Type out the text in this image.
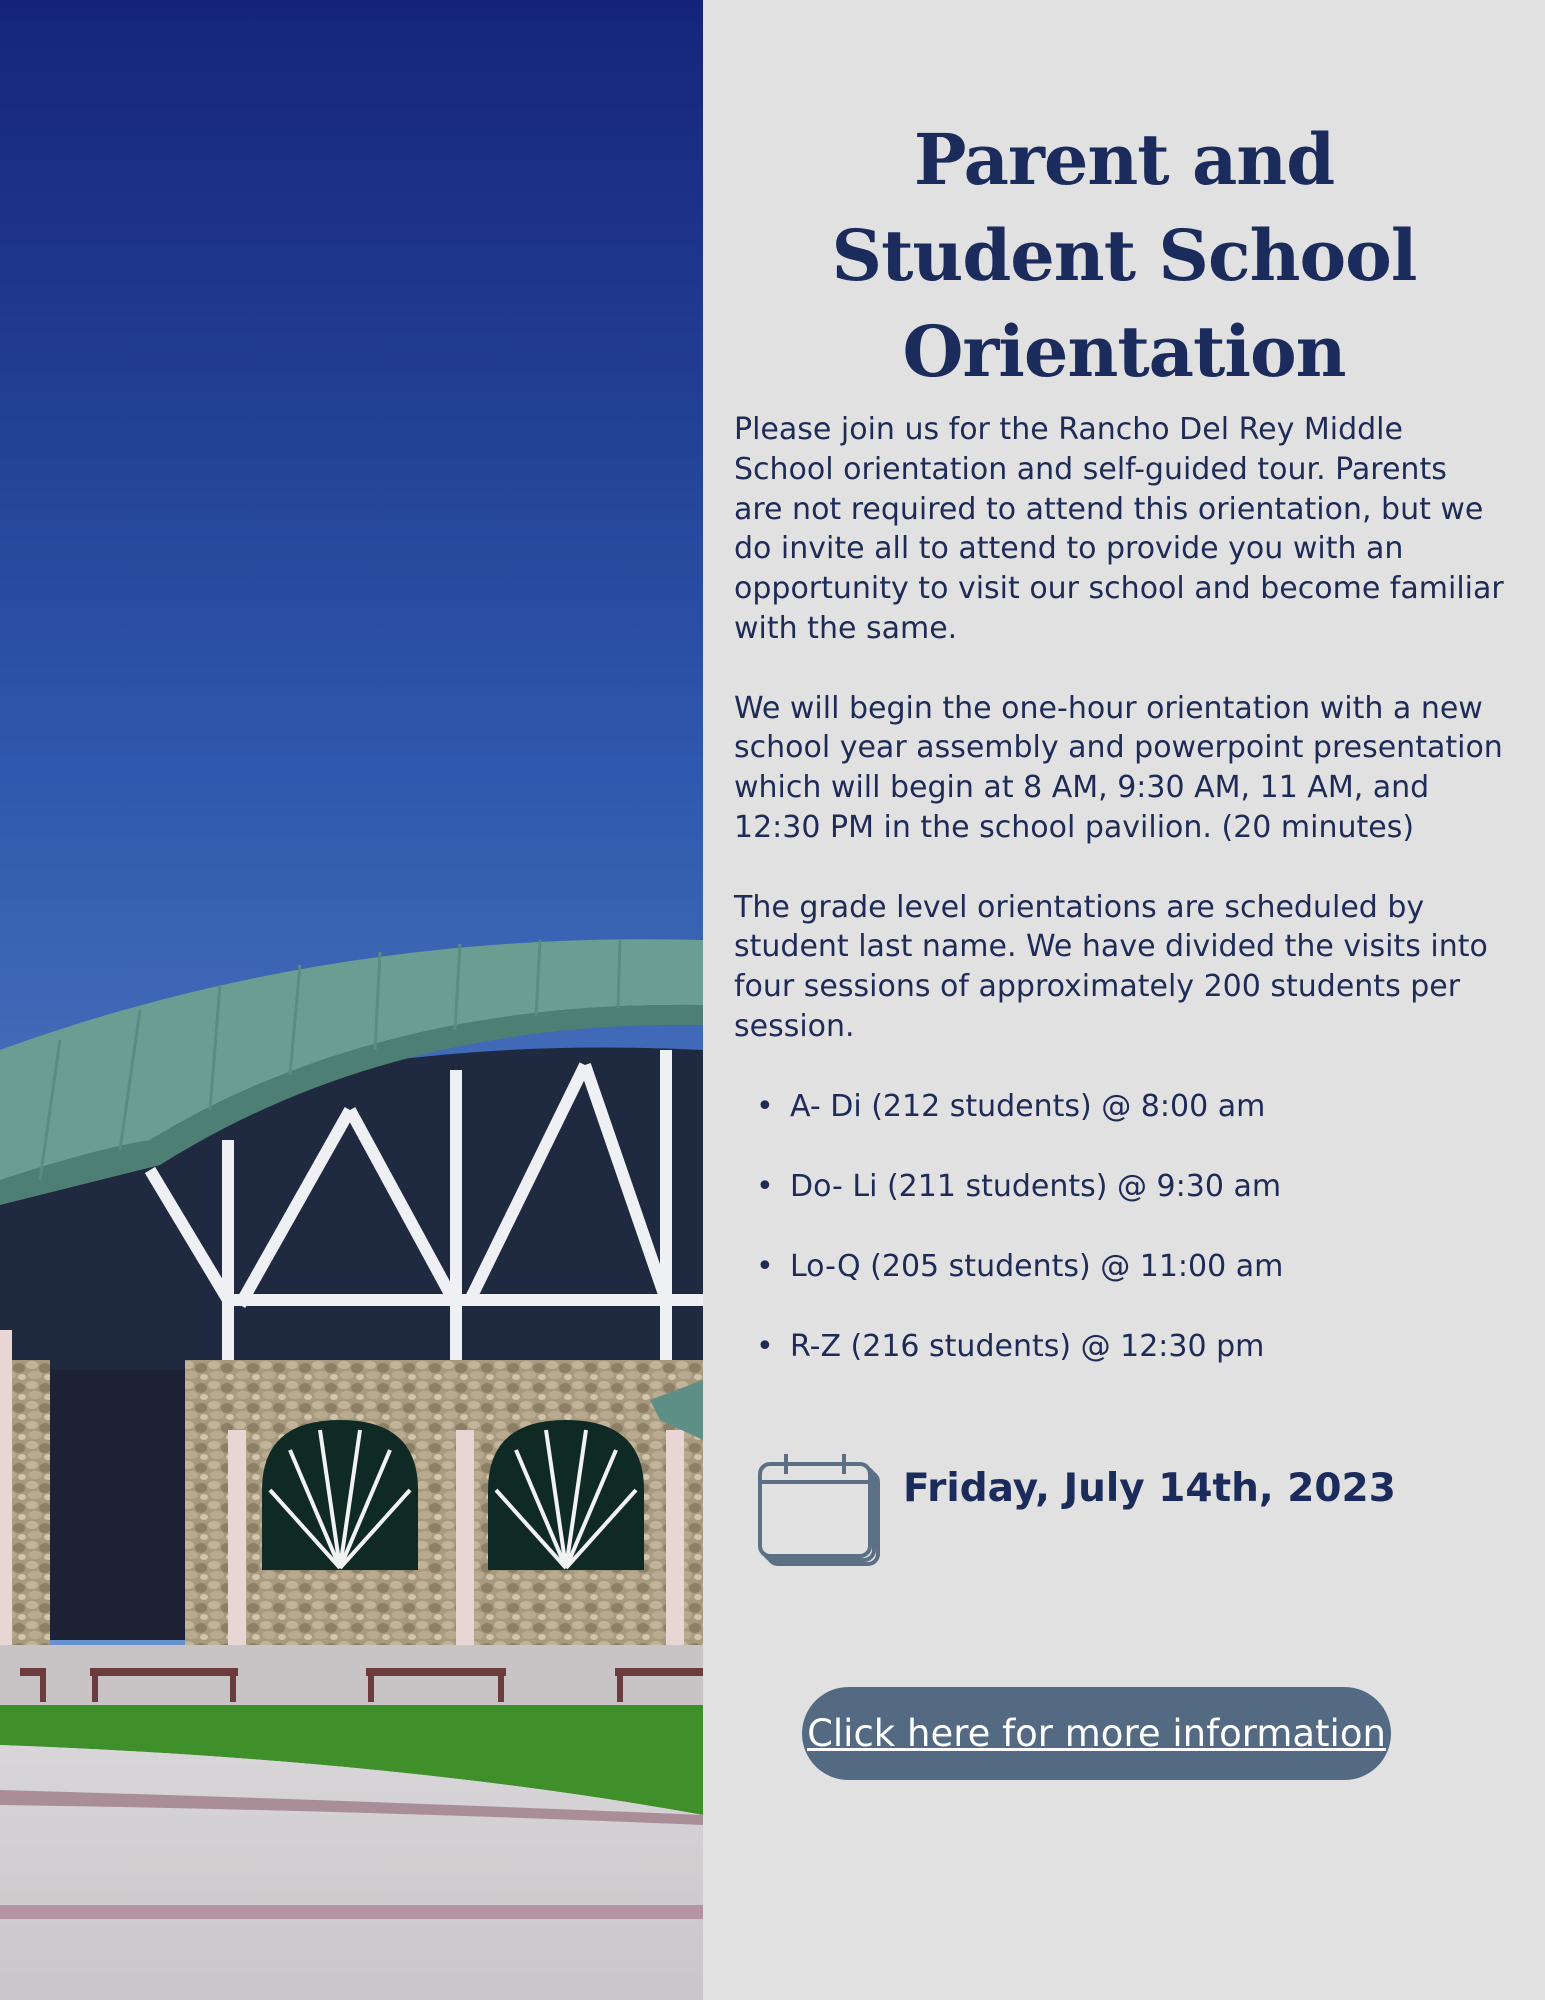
Parent and
Student School
Orientation
Please join us for the Rancho Del Rey Middle
School orientation and self-guided tour. Parents
are not required to attend this orientation, but we
do invite all to attend to provide you with an
opportunity to visit our school and become familiar
with the same.
We will begin the one-hour orientation with a new
school year assembly and powerpoint presentation
which will begin at 8 AM, 9:30 AM, 11 AM, and
12:30 PM in the school pavilion. (20 minutes)
The grade level orientations are scheduled by
student last name. We have divided the visits into
four sessions of approximately 200 students per
session.
• A- Di (212 students) @ 8:00 am
• Do- Li (211 students) @ 9:30 am
• Lo-Q (205 students) @ 11:00 am
• R-Z (216 students) @ 12:30 pm
Friday, July 14th, 2023
Click here for more information
